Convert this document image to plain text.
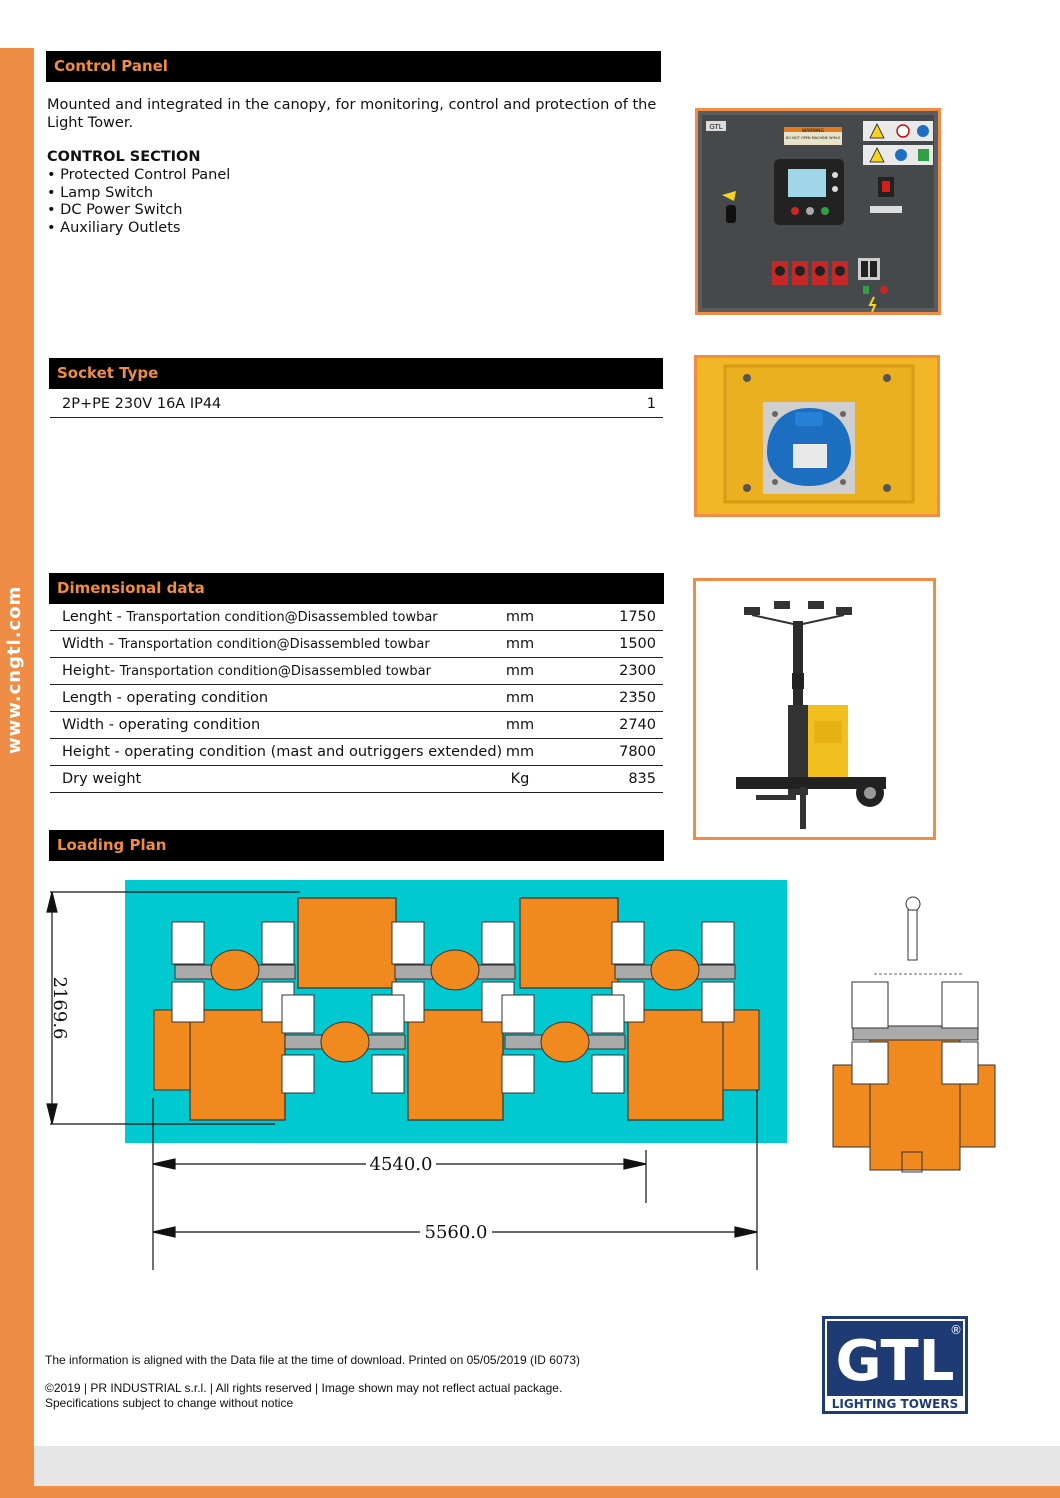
www.cngtl.com
Control Panel
Mounted and integrated in the canopy, for monitoring, control and protection of the Light Tower.
CONTROL SECTION
• Protected Control Panel
• Lamp Switch
• DC Power Switch
• Auxiliary Outlets
GTL
WARNING
DO NOT OPEN MACHINE WHILE
Socket Type
2P+PE 230V 16A IP44	1
Dimensional data
Lenght - Transportation condition@Disassembled towbar	mm	1750
Width - Transportation condition@Disassembled towbar	mm	1500
Height- Transportation condition@Disassembled towbar	mm	2300
Length - operating condition	mm	2350
Width - operating condition	mm	2740
Height - operating condition (mast and outriggers extended) mm	7800
Dry weight	Kg	835
Loading Plan
2169.6
4540.0
5560.0
The information is aligned with the Data file at the time of download. Printed on 05/05/2019 (ID 6073)
©2019 | PR INDUSTRIAL s.r.l. | All rights reserved | Image shown may not reflect actual package.
Specifications subject to change without notice
GTL
®
LIGHTING TOWERS
